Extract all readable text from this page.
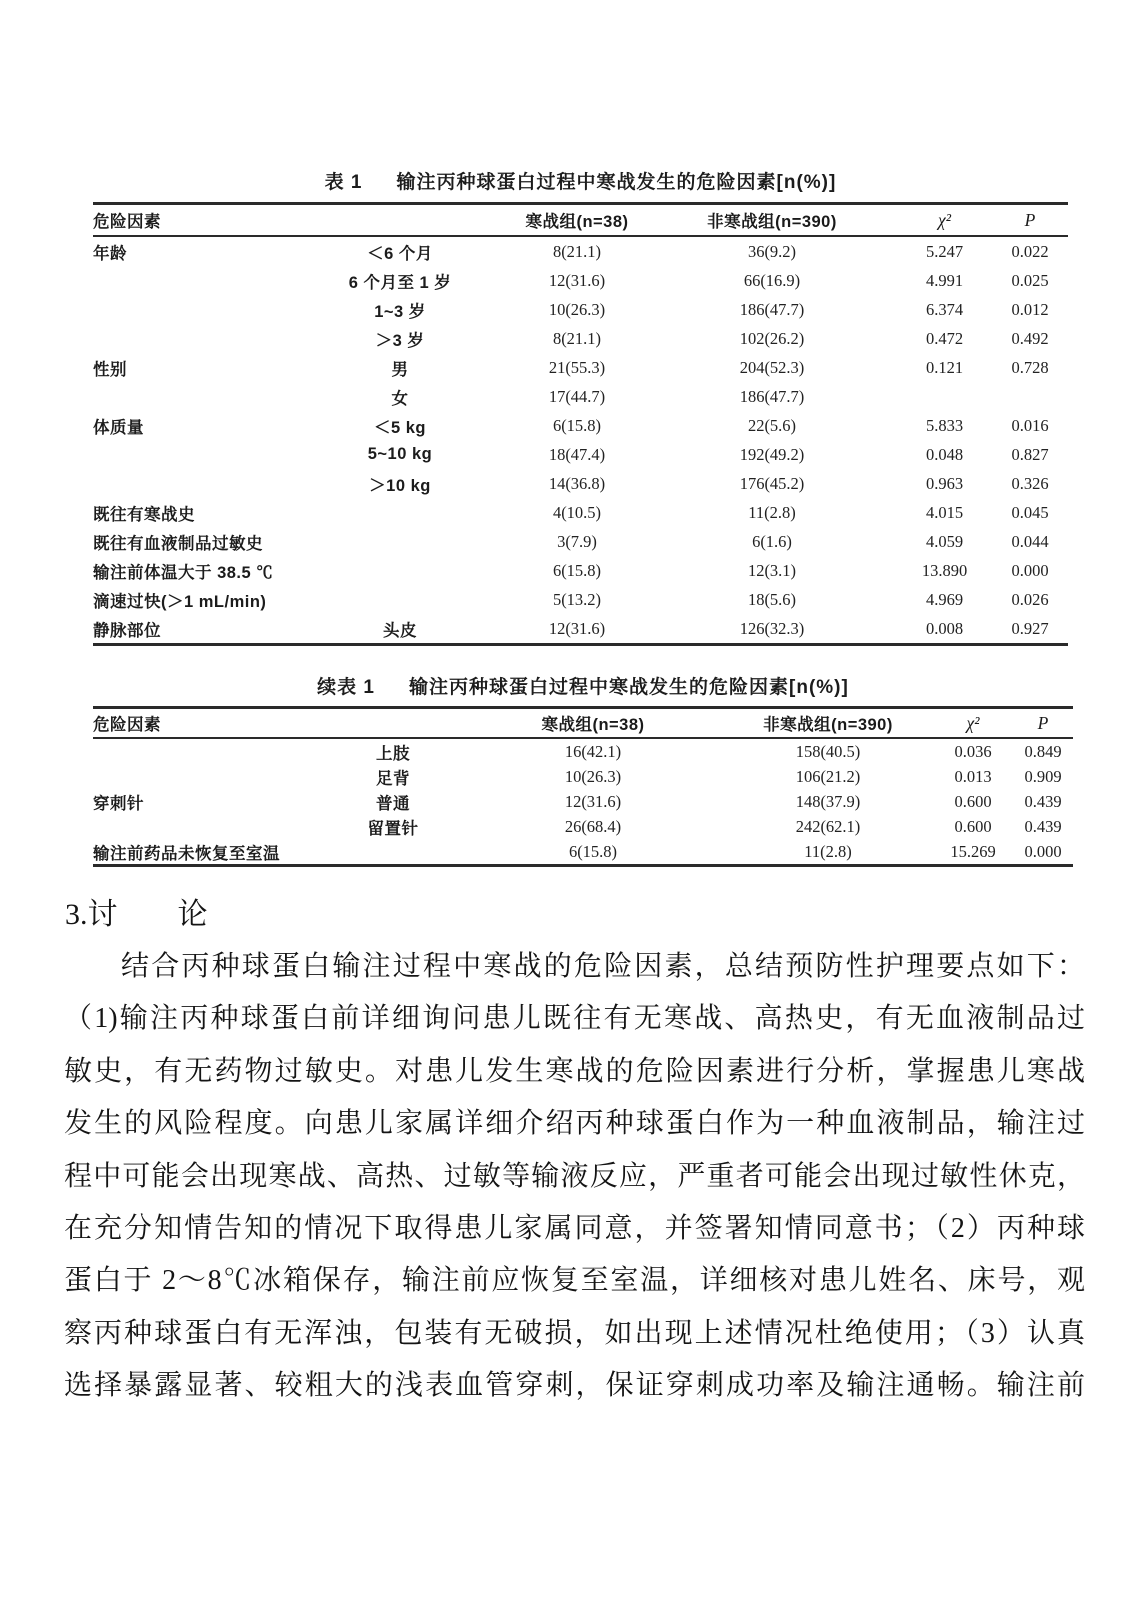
表 1 输注丙种球蛋白过程中寒战发生的危险因素[n(%)]
危险因素		寒战组(n=38)	非寒战组(n=390)	χ²	P
年龄	＜6 个月	8(21.1)	36(9.2)	5.247	0.022
	6 个月至 1 岁	12(31.6)	66(16.9)	4.991	0.025
	1~3 岁	10(26.3)	186(47.7)	6.374	0.012
	＞3 岁	8(21.1)	102(26.2)	0.472	0.492
性别	男	21(55.3)	204(52.3)	0.121	0.728
	女	17(44.7)	186(47.7)		
体质量	＜5 kg	6(15.8)	22(5.6)	5.833	0.016
	5~10 kg	18(47.4)	192(49.2)	0.048	0.827
	＞10 kg	14(36.8)	176(45.2)	0.963	0.326
既往有寒战史		4(10.5)	11(2.8)	4.015	0.045
既往有血液制品过敏史		3(7.9)	6(1.6)	4.059	0.044
输注前体温大于 38.5 ℃		6(15.8)	12(3.1)	13.890	0.000
滴速过快(＞1 mL/min)		5(13.2)	18(5.6)	4.969	0.026
静脉部位	头皮	12(31.6)	126(32.3)	0.008	0.927
续表 1 输注丙种球蛋白过程中寒战发生的危险因素[n(%)]
危险因素		寒战组(n=38)	非寒战组(n=390)	χ²	P
	上肢	16(42.1)	158(40.5)	0.036	0.849
	足背	10(26.3)	106(21.2)	0.013	0.909
穿刺针	普通	12(31.6)	148(37.9)	0.600	0.439
	留置针	26(68.4)	242(62.1)	0.600	0.439
输注前药品未恢复至室温		6(15.8)	11(2.8)	15.269	0.000
3.讨　　论
结合丙种球蛋白输注过程中寒战的危险因素，总结预防性护理要点如下：
（1)输注丙种球蛋白前详细询问患儿既往有无寒战、高热史，有无血液制品过
敏史，有无药物过敏史。对患儿发生寒战的危险因素进行分析，掌握患儿寒战
发生的风险程度。向患儿家属详细介绍丙种球蛋白作为一种血液制品，输注过
程中可能会出现寒战、高热、过敏等输液反应，严重者可能会出现过敏性休克，
在充分知情告知的情况下取得患儿家属同意，并签署知情同意书；（2）丙种球
蛋白于 2～8℃冰箱保存，输注前应恢复至室温，详细核对患儿姓名、床号，观
察丙种球蛋白有无浑浊，包装有无破损，如出现上述情况杜绝使用；（3）认真
选择暴露显著、较粗大的浅表血管穿刺，保证穿刺成功率及输注通畅。输注前
